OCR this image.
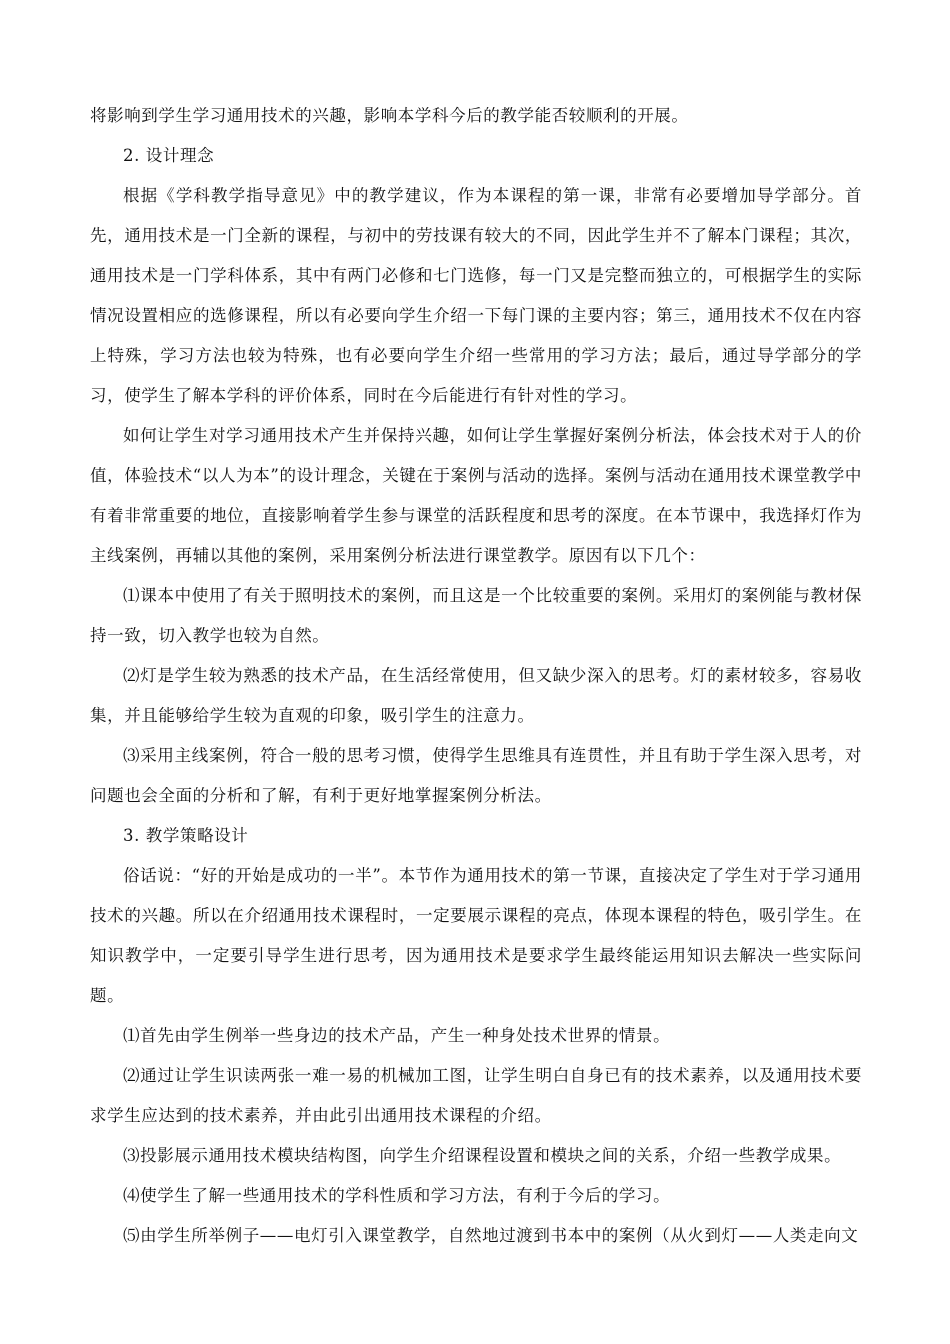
将影响到学生学习通用技术的兴趣，影响本学科今后的教学能否较顺利的开展。

2. 设计理念

根据《学科教学指导意见》中的教学建议，作为本课程的第一课，非常有必要增加导学部分。首先，通用技术是一门全新的课程，与初中的劳技课有较大的不同，因此学生并不了解本门课程；其次，通用技术是一门学科体系，其中有两门必修和七门选修，每一门又是完整而独立的，可根据学生的实际情况设置相应的选修课程，所以有必要向学生介绍一下每门课的主要内容；第三，通用技术不仅在内容上特殊，学习方法也较为特殊，也有必要向学生介绍一些常用的学习方法；最后，通过导学部分的学习，使学生了解本学科的评价体系，同时在今后能进行有针对性的学习。

如何让学生对学习通用技术产生并保持兴趣，如何让学生掌握好案例分析法，体会技术对于人的价值，体验技术“以人为本”的设计理念，关键在于案例与活动的选择。案例与活动在通用技术课堂教学中有着非常重要的地位，直接影响着学生参与课堂的活跃程度和思考的深度。在本节课中，我选择灯作为主线案例，再辅以其他的案例，采用案例分析法进行课堂教学。原因有以下几个：

⑴课本中使用了有关于照明技术的案例，而且这是一个比较重要的案例。采用灯的案例能与教材保持一致，切入教学也较为自然。

⑵灯是学生较为熟悉的技术产品，在生活经常使用，但又缺少深入的思考。灯的素材较多，容易收集，并且能够给学生较为直观的印象，吸引学生的注意力。

⑶采用主线案例，符合一般的思考习惯，使得学生思维具有连贯性，并且有助于学生深入思考，对问题也会全面的分析和了解，有利于更好地掌握案例分析法。

3. 教学策略设计

俗话说：“好的开始是成功的一半”。本节作为通用技术的第一节课，直接决定了学生对于学习通用技术的兴趣。所以在介绍通用技术课程时，一定要展示课程的亮点，体现本课程的特色，吸引学生。在知识教学中，一定要引导学生进行思考，因为通用技术是要求学生最终能运用知识去解决一些实际问题。

⑴首先由学生例举一些身边的技术产品，产生一种身处技术世界的情景。

⑵通过让学生识读两张一难一易的机械加工图，让学生明白自身已有的技术素养，以及通用技术要求学生应达到的技术素养，并由此引出通用技术课程的介绍。

⑶投影展示通用技术模块结构图，向学生介绍课程设置和模块之间的关系，介绍一些教学成果。

⑷使学生了解一些通用技术的学科性质和学习方法，有利于今后的学习。

⑸由学生所举例子——电灯引入课堂教学，自然地过渡到书本中的案例（从火到灯——人类走向文
